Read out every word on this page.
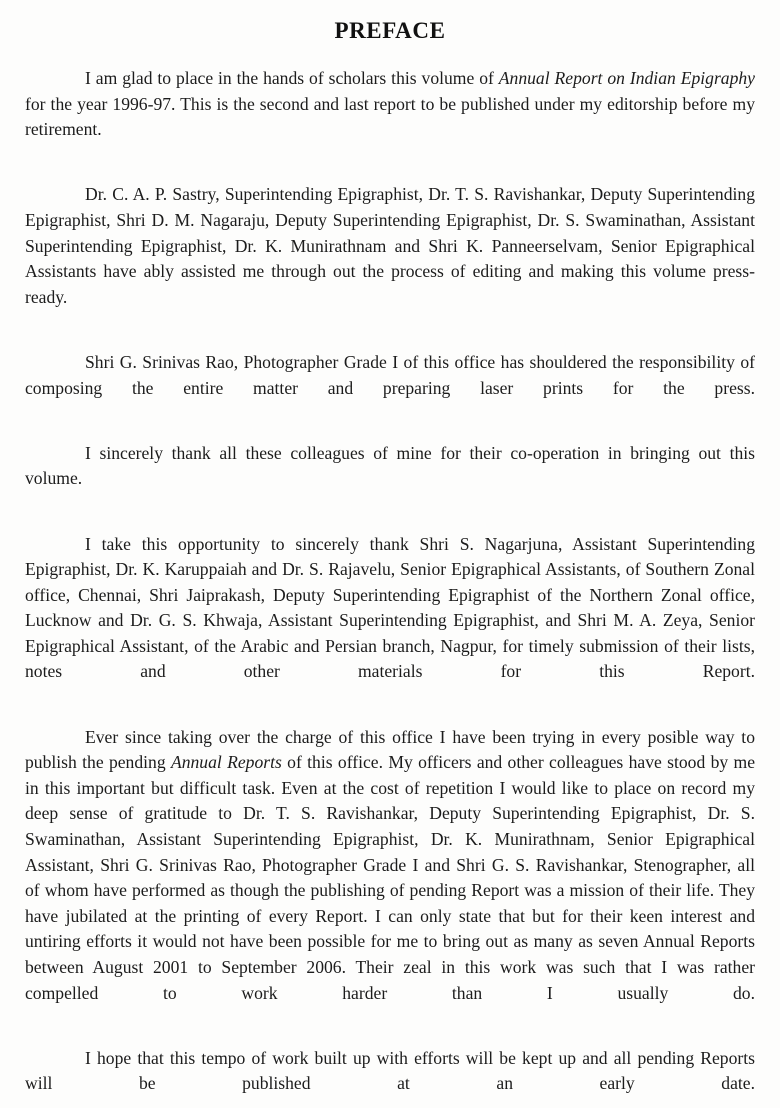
PREFACE

I am glad to place in the hands of scholars this volume of Annual Report on Indian Epigraphy for the year 1996-97. This is the second and last report to be published under my editorship before my retirement.

Dr. C. A. P. Sastry, Superintending Epigraphist, Dr. T. S. Ravishankar, Deputy Superintending Epigraphist, Shri D. M. Nagaraju, Deputy Superintending Epigraphist, Dr. S. Swaminathan, Assistant Superintending Epigraphist, Dr. K. Munirathnam and Shri K. Panneerselvam, Senior Epigraphical Assistants have ably assisted me through out the process of editing and making this volume press-ready.

Shri G. Srinivas Rao, Photographer Grade I of this office has shouldered the responsibility of composing the entire matter and preparing laser prints for the press.

I sincerely thank all these colleagues of mine for their co-operation in bringing out this volume.

I take this opportunity to sincerely thank Shri S. Nagarjuna, Assistant Superintending Epigraphist, Dr. K. Karuppaiah and Dr. S. Rajavelu, Senior Epigraphical Assistants, of Southern Zonal office, Chennai, Shri Jaiprakash, Deputy Superintending Epigraphist of the Northern Zonal office, Lucknow and Dr. G. S. Khwaja, Assistant Superintending Epigraphist, and Shri M. A. Zeya, Senior Epigraphical Assistant, of the Arabic and Persian branch, Nagpur, for timely submission of their lists, notes and other materials for this Report.

Ever since taking over the charge of this office I have been trying in every posible way to publish the pending Annual Reports of this office. My officers and other colleagues have stood by me in this important but difficult task. Even at the cost of repetition I would like to place on record my deep sense of gratitude to Dr. T. S. Ravishankar, Deputy Superintending Epigraphist, Dr. S. Swaminathan, Assistant Superintending Epigraphist, Dr. K. Munirathnam, Senior Epigraphical Assistant, Shri G. Srinivas Rao, Photographer Grade I and Shri G. S. Ravishankar, Stenographer, all of whom have performed as though the publishing of pending Report was a mission of their life. They have jubilated at the printing of every Report. I can only state that but for their keen interest and untiring efforts it would not have been possible for me to bring out as many as seven Annual Reports between August 2001 to September 2006. Their zeal in this work was such that I was rather compelled to work harder than I usually do.

I hope that this tempo of work built up with efforts will be kept up and all pending Reports will be published at an early date.
